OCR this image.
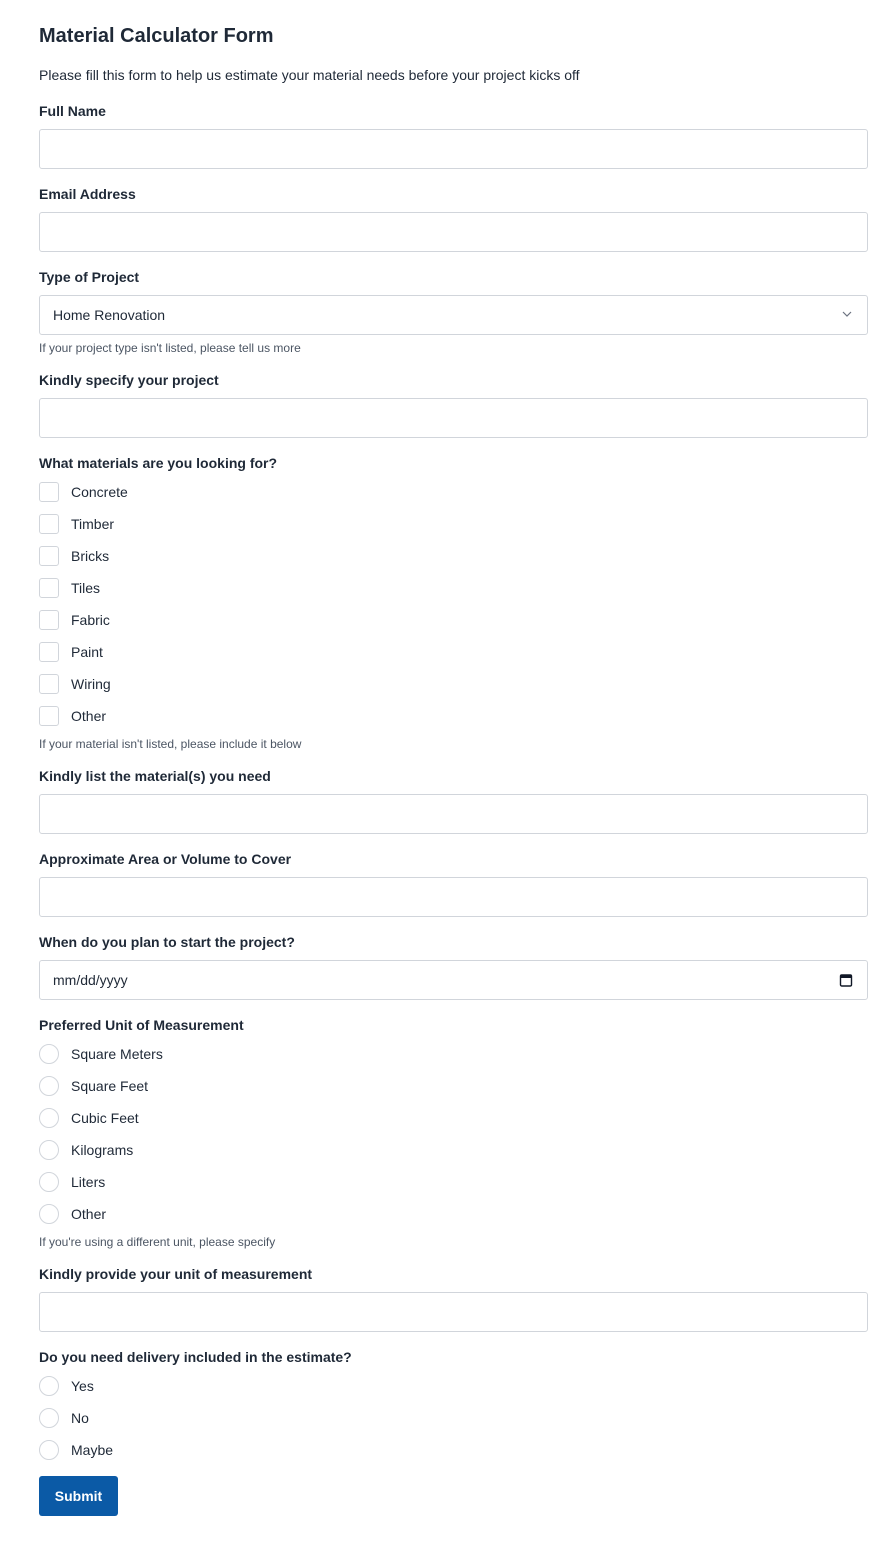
Material Calculator Form
Please fill this form to help us estimate your material needs before your project kicks off
Full Name
Email Address
Type of Project
Home Renovation
If your project type isn't listed, please tell us more
Kindly specify your project
What materials are you looking for?
Concrete
Timber
Bricks
Tiles
Fabric
Paint
Wiring
Other
If your material isn't listed, please include it below
Kindly list the material(s) you need
Approximate Area or Volume to Cover
When do you plan to start the project?
mm/dd/yyyy
Preferred Unit of Measurement
Square Meters
Square Feet
Cubic Feet
Kilograms
Liters
Other
If you're using a different unit, please specify
Kindly provide your unit of measurement
Do you need delivery included in the estimate?
Yes
No
Maybe
Submit
